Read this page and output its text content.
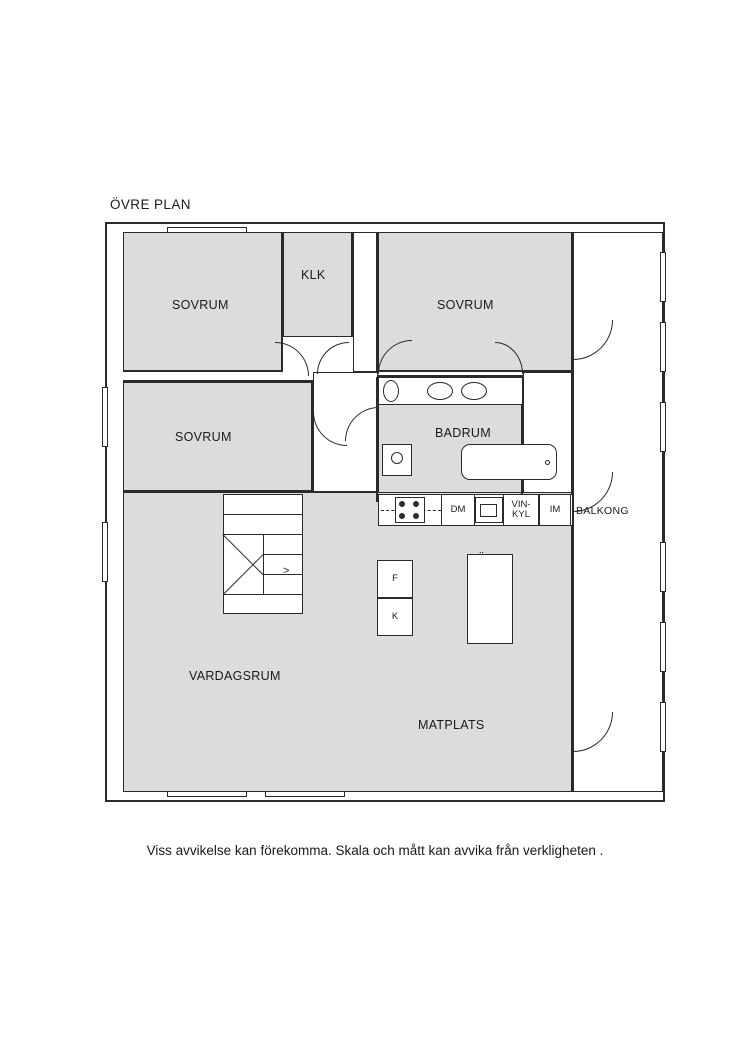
ÖVRE PLAN
SOVRUM
KLK
SOVRUM
SOVRUM	BADRUM
VARDAGSRUM
MATPLATS
BALKONG
DM	VIN-
KYL IM
F
K
>
Viss avvikelse kan förekomma. Skala och mått kan avvika från verkligheten .
